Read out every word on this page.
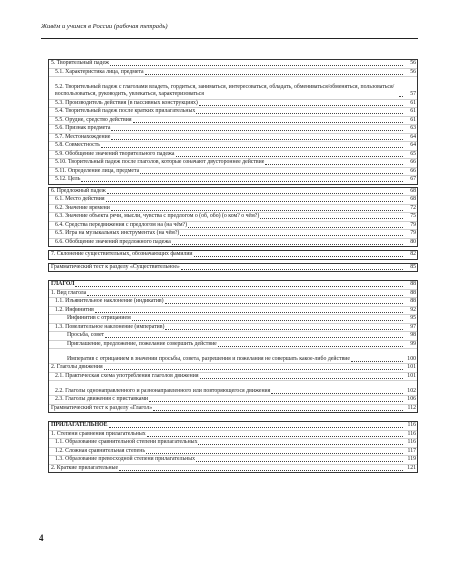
Живём и учимся в России (рабочая тетрадь)
5. Творительный падеж	56
5.1. Характеристика лица, предмета	56
5.2. Творительный падеж с глаголами владеть, гордиться, заниматься, интересоваться, обладать, обмениваться/обменяться, пользоваться/воспользоваться, руководить, увлекаться, характеризоваться	57
5.3. Производитель действия (в пассивных конструкциях)	61
5.4. Творительный падеж после кратких прилагательных	61
5.5. Орудие, средство действия	61
5.6. Признак предмета	63
5.7. Местонахождение	64
5.8. Совместность	64
5.9. Обобщение значений творительного падежа	65
5.10. Творительный падеж после глаголов, которые означают двустороннее действие	66
5.11. Определение лица, предмета	66
5.12. Цель	67
6. Предложный падеж	68
6.1. Место действия	68
6.2. Значение времени	72
6.3. Значение объекта речи, мысли, чувства с предлогом о (об, обо) (о ком? о чём?)	75
6.4. Средства передвижения с предлогом на (на чём?)	79
6.5. Игра на музыкальных инструментах (на чём?)	79
6.6. Обобщение значений предложного падежа	80
7. Склонение существительных, обозначающих фамилии	82
Грамматический тест к разделу «Существительное»	85
ГЛАГОЛ	88
1. Вид глагола	88
1.1. Изъявительное наклонение (индикатив)	88
1.2. Инфинитив	92
Инфинитив с отрицанием	95
1.3. Повелительное наклонение (императив)	97
Просьба, совет	98
Приглашение, предложение, пожелание совершить действие	99
Императив с отрицанием в значении просьбы, совета, разрешения и пожелания не совершать какое-либо действие	100
2. Глаголы движения	101
2.1. Практическая схема употребления глаголов движения	101
2.2. Глаголы однонаправленного и разнонаправленного или повторяющегося движения	102
2.3. Глаголы движения с приставками	106
Грамматический тест к разделу «Глагол»	112
ПРИЛАГАТЕЛЬНОЕ	116
1. Степени сравнения прилагательных	116
1.1. Образование сравнительной степени прилагательных	116
1.2. Сложная сравнительная степень	117
1.3. Образование превосходной степени прилагательных	119
2. Краткие прилагательные	121
4
